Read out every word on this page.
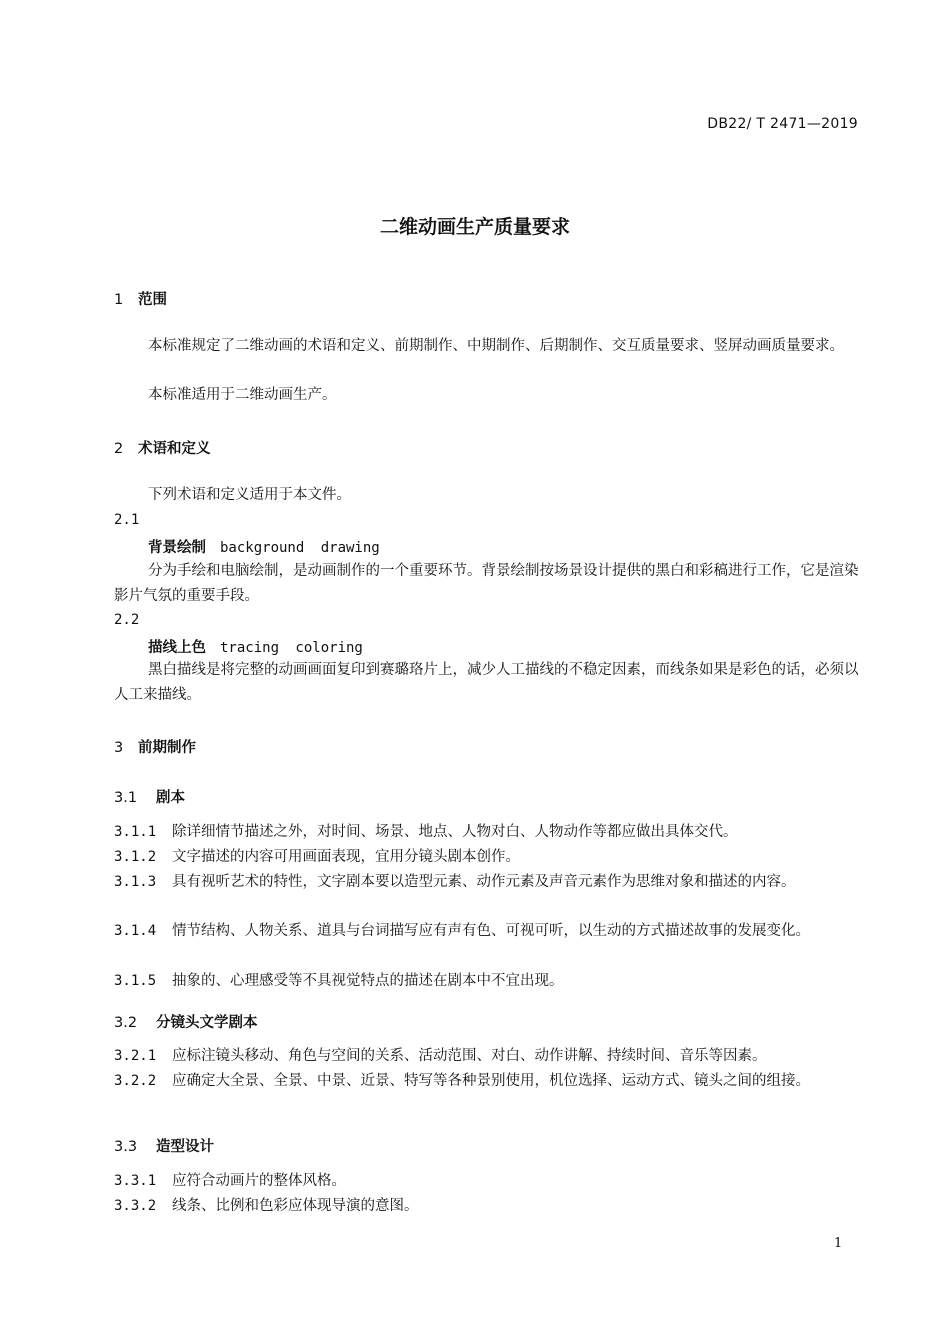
DB22/ T 2471—2019
二维动画生产质量要求
1 范围
本标准规定了二维动画的术语和定义、前期制作、中期制作、后期制作、交互质量要求、竖屏动画质量要求。
本标准适用于二维动画生产。
2 术语和定义
下列术语和定义适用于本文件。
2.1
背景绘制 background drawing
分为手绘和电脑绘制，是动画制作的一个重要环节。背景绘制按场景设计提供的黑白和彩稿进行工作，它是渲染影片气氛的重要手段。
2.2
描线上色 tracing coloring
黑白描线是将完整的动画画面复印到赛璐珞片上，减少人工描线的不稳定因素，而线条如果是彩色的话，必须以人工来描线。
3 前期制作
3.1 剧本
3.1.1 除详细情节描述之外，对时间、场景、地点、人物对白、人物动作等都应做出具体交代。
3.1.2 文字描述的内容可用画面表现，宜用分镜头剧本创作。
3.1.3 具有视听艺术的特性，文字剧本要以造型元素、动作元素及声音元素作为思维对象和描述的内容。
3.1.4 情节结构、人物关系、道具与台词描写应有声有色、可视可听，以生动的方式描述故事的发展变化。
3.1.5 抽象的、心理感受等不具视觉特点的描述在剧本中不宜出现。
3.2 分镜头文学剧本
3.2.1 应标注镜头移动、角色与空间的关系、活动范围、对白、动作讲解、持续时间、音乐等因素。
3.2.2 应确定大全景、全景、中景、近景、特写等各种景别使用，机位选择、运动方式、镜头之间的组接。
3.3 造型设计
3.3.1 应符合动画片的整体风格。
3.3.2 线条、比例和色彩应体现导演的意图。
1
